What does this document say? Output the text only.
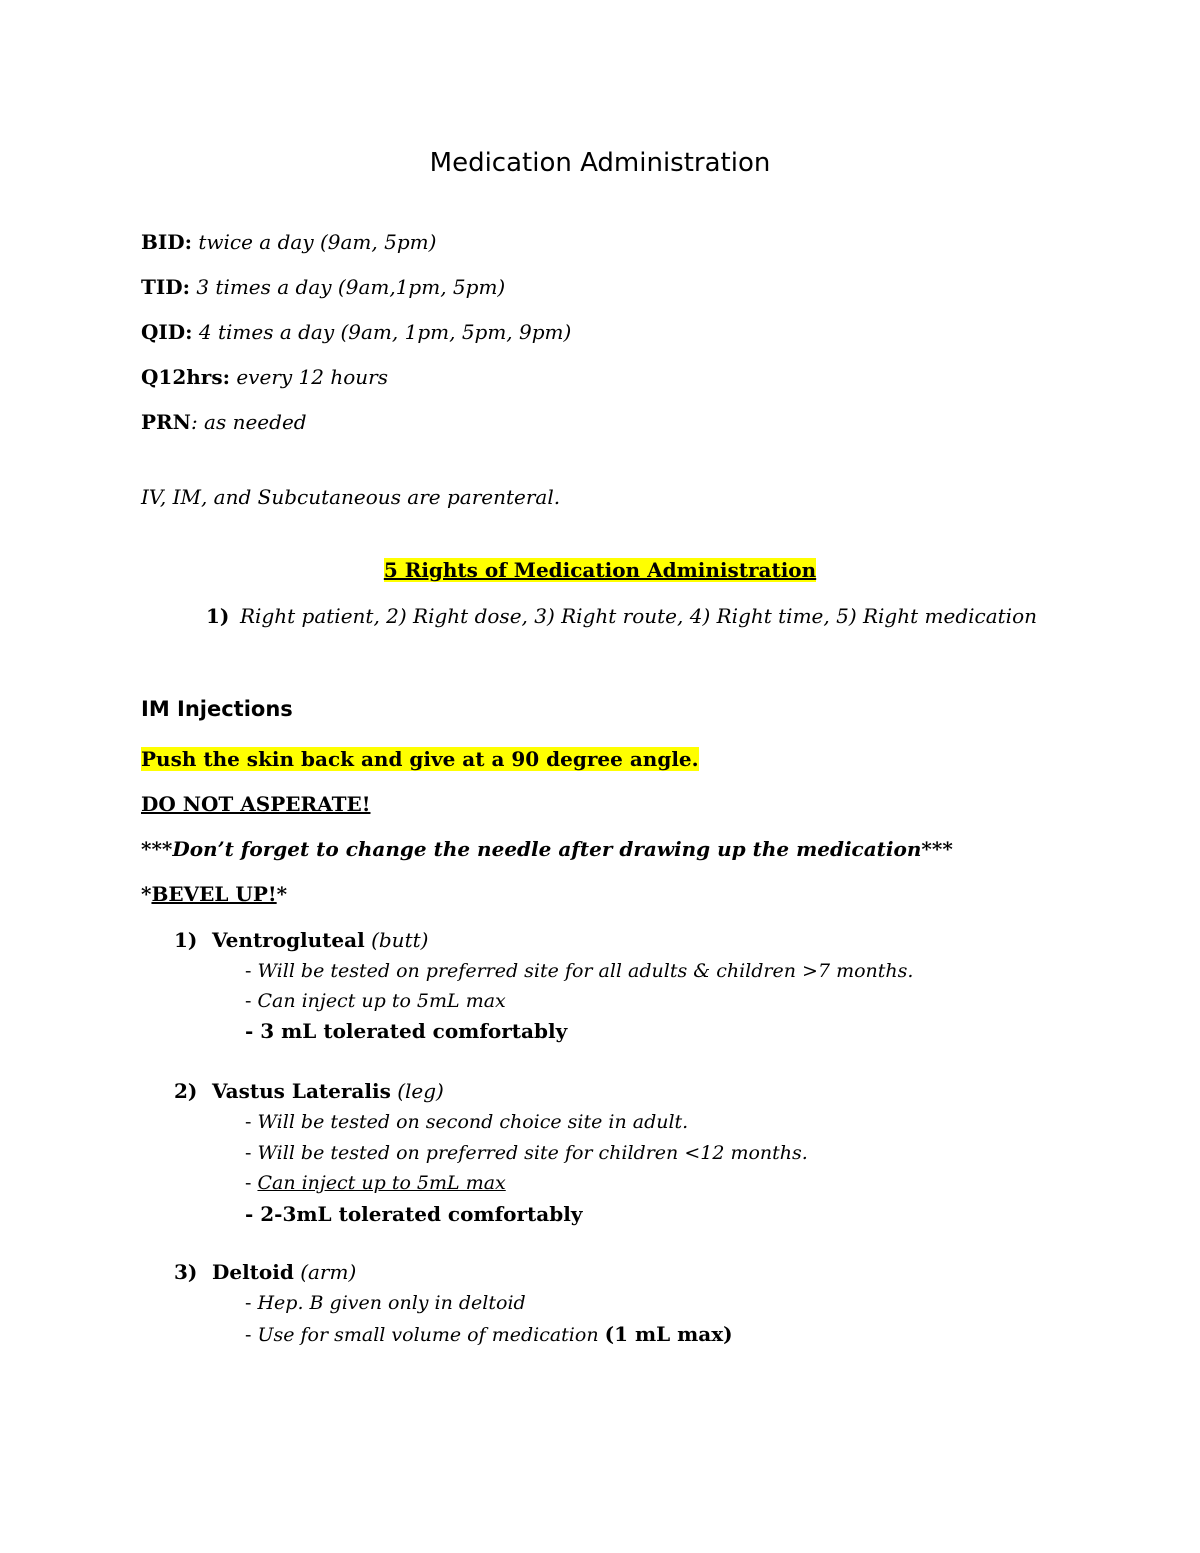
Medication Administration
BID: twice a day (9am, 5pm)
TID: 3 times a day (9am,1pm, 5pm)
QID: 4 times a day (9am, 1pm, 5pm, 9pm)
Q12hrs: every 12 hours
PRN: as needed
IV, IM, and Subcutaneous are parenteral.
5 Rights of Medication Administration
1) Right patient, 2) Right dose, 3) Right route, 4) Right time, 5) Right medication
IM Injections
Push the skin back and give at a 90 degree angle.
DO NOT ASPERATE!
***Don’t forget to change the needle after drawing up the medication***
*BEVEL UP!*
1) Ventrogluteal (butt)
- Will be tested on preferred site for all adults & children >7 months.
- Can inject up to 5mL max
- 3 mL tolerated comfortably
2) Vastus Lateralis (leg)
- Will be tested on second choice site in adult.
- Will be tested on preferred site for children <12 months.
- Can inject up to 5mL max
- 2-3mL tolerated comfortably
3) Deltoid (arm)
- Hep. B given only in deltoid
- Use for small volume of medication (1 mL max)
